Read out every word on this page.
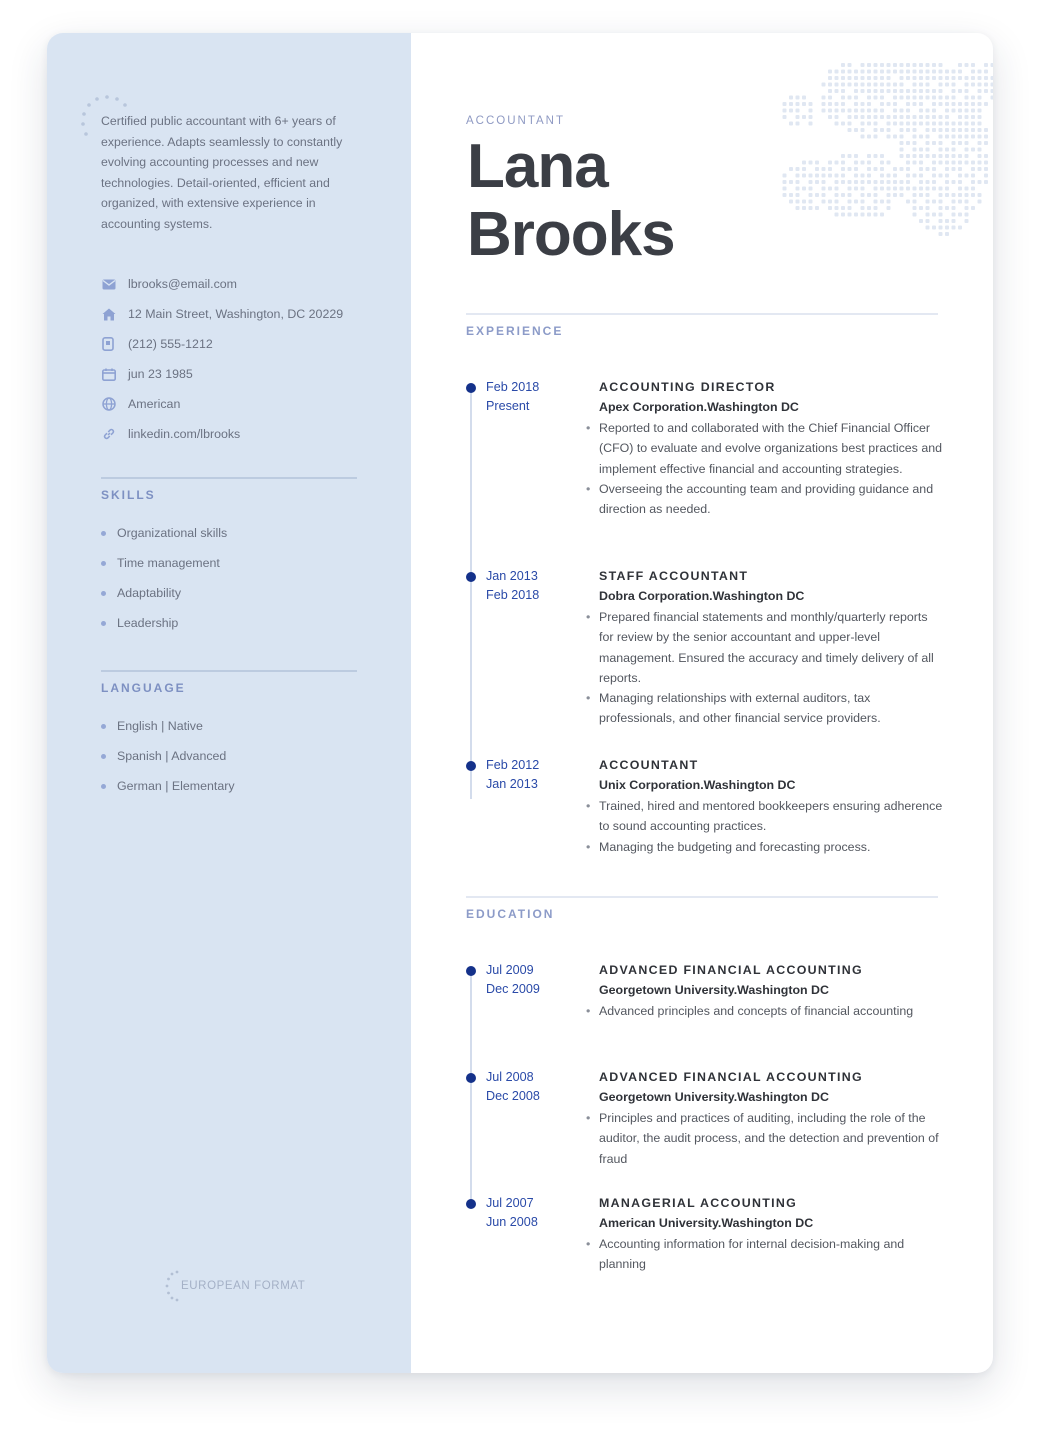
Certified public accountant with 6+ years of experience. Adapts seamlessly to constantly evolving accounting processes and new technologies. Detail-oriented, efficient and organized, with extensive experience in accounting systems.

lbrooks@email.com
12 Main Street, Washington, DC 20229
(212) 555-1212
jun 23 1985
American
linkedin.com/lbrooks
SKILLS
Organizational skills
Time management
Adaptability
Leadership
LANGUAGE
English | Native
Spanish | Advanced
German | Elementary
EUROPEAN FORMAT
ACCOUNTANT
Lana
Brooks
EXPERIENCE
Feb 2018
Present
ACCOUNTING DIRECTOR
Apex Corporation.Washington DC
• Reported to and collaborated with the Chief Financial Officer (CFO) to evaluate and evolve organizations best practices and implement effective financial and accounting strategies.
• Overseeing the accounting team and providing guidance and direction as needed.
Jan 2013
Feb 2018
STAFF ACCOUNTANT
Dobra Corporation.Washington DC
• Prepared financial statements and monthly/quarterly reports for review by the senior accountant and upper-level management. Ensured the accuracy and timely delivery of all reports.
• Managing relationships with external auditors, tax professionals, and other financial service providers.
Feb 2012
Jan 2013
ACCOUNTANT
Unix Corporation.Washington DC
• Trained, hired and mentored bookkeepers ensuring adherence to sound accounting practices.
• Managing the budgeting and forecasting process.
EDUCATION
Jul 2009
Dec 2009
ADVANCED FINANCIAL ACCOUNTING
Georgetown University.Washington DC
• Advanced principles and concepts of financial accounting
Jul 2008
Dec 2008
ADVANCED FINANCIAL ACCOUNTING
Georgetown University.Washington DC
• Principles and practices of auditing, including the role of the auditor, the audit process, and the detection and prevention of fraud
Jul 2007
Jun 2008
MANAGERIAL ACCOUNTING
American University.Washington DC
• Accounting information for internal decision-making and planning
